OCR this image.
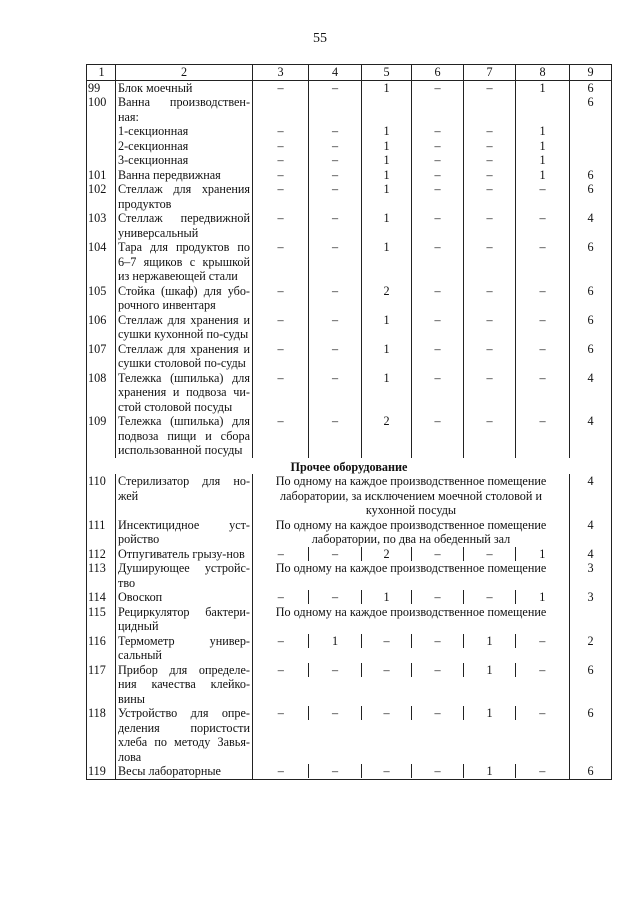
55
1	2	3	4	5	6	7	8	9
99	Блок моечный	–	–	1	–	–	1	6
100	Ванна производствен-ная:							6
	1-секционная	–	–	1	–	–	1	
	2-секционная	–	–	1	–	–	1	
	3-секционная	–	–	1	–	–	1	
101	Ванна передвижная	–	–	1	–	–	1	6
102	Стеллаж для хранения продуктов	–	–	1	–	–	–	6
103	Стеллаж передвижной универсальный	–	–	1	–	–	–	4
104	Тара для продуктов по 6–7 ящиков с крышкой из нержавеющей стали	–	–	1	–	–	–	6
105	Стойка (шкаф) для убо-рочного инвентаря	–	–	2	–	–	–	6
106	Стеллаж для хранения и сушки кухонной по-суды	–	–	1	–	–	–	6
107	Стеллаж для хранения и сушки столовой по-суды	–	–	1	–	–	–	6
108	Тележка (шпилька) для хранения и подвоза чи-стой столовой посуды	–	–	1	–	–	–	4
109	Тележка (шпилька) для подвоза пищи и сбора использованной посуды	–	–	2	–	–	–	4
Прочее оборудование								
110	Стерилизатор для но-жей	По одному на каждое производственное помещение лаборатории, за исключением моечной столовой и кухонной посуды						4
111	Инсектицидное уст-ройство	По одному на каждое производственное помещение лаборатории, по два на обеденный зал						4
112	Отпугиватель грызу-нов	–	–	2	–	–	1	4
113	Душирующее устройс-тво	По одному на каждое производственное помещение						3
114	Овоскоп	–	–	1	–	–	1	3
115	Рециркулятор бактери-цидный	По одному на каждое производственное помещение						
116	Термометр универ-сальный	–	1	–	–	1	–	2
117	Прибор для определе-ния качества клейко-вины	–	–	–	–	1	–	6
118	Устройство для опре-деления пористости хлеба по методу Завья-лова	–	–	–	–	1	–	6
119	Весы лабораторные	–	–	–	–	1	–	6
